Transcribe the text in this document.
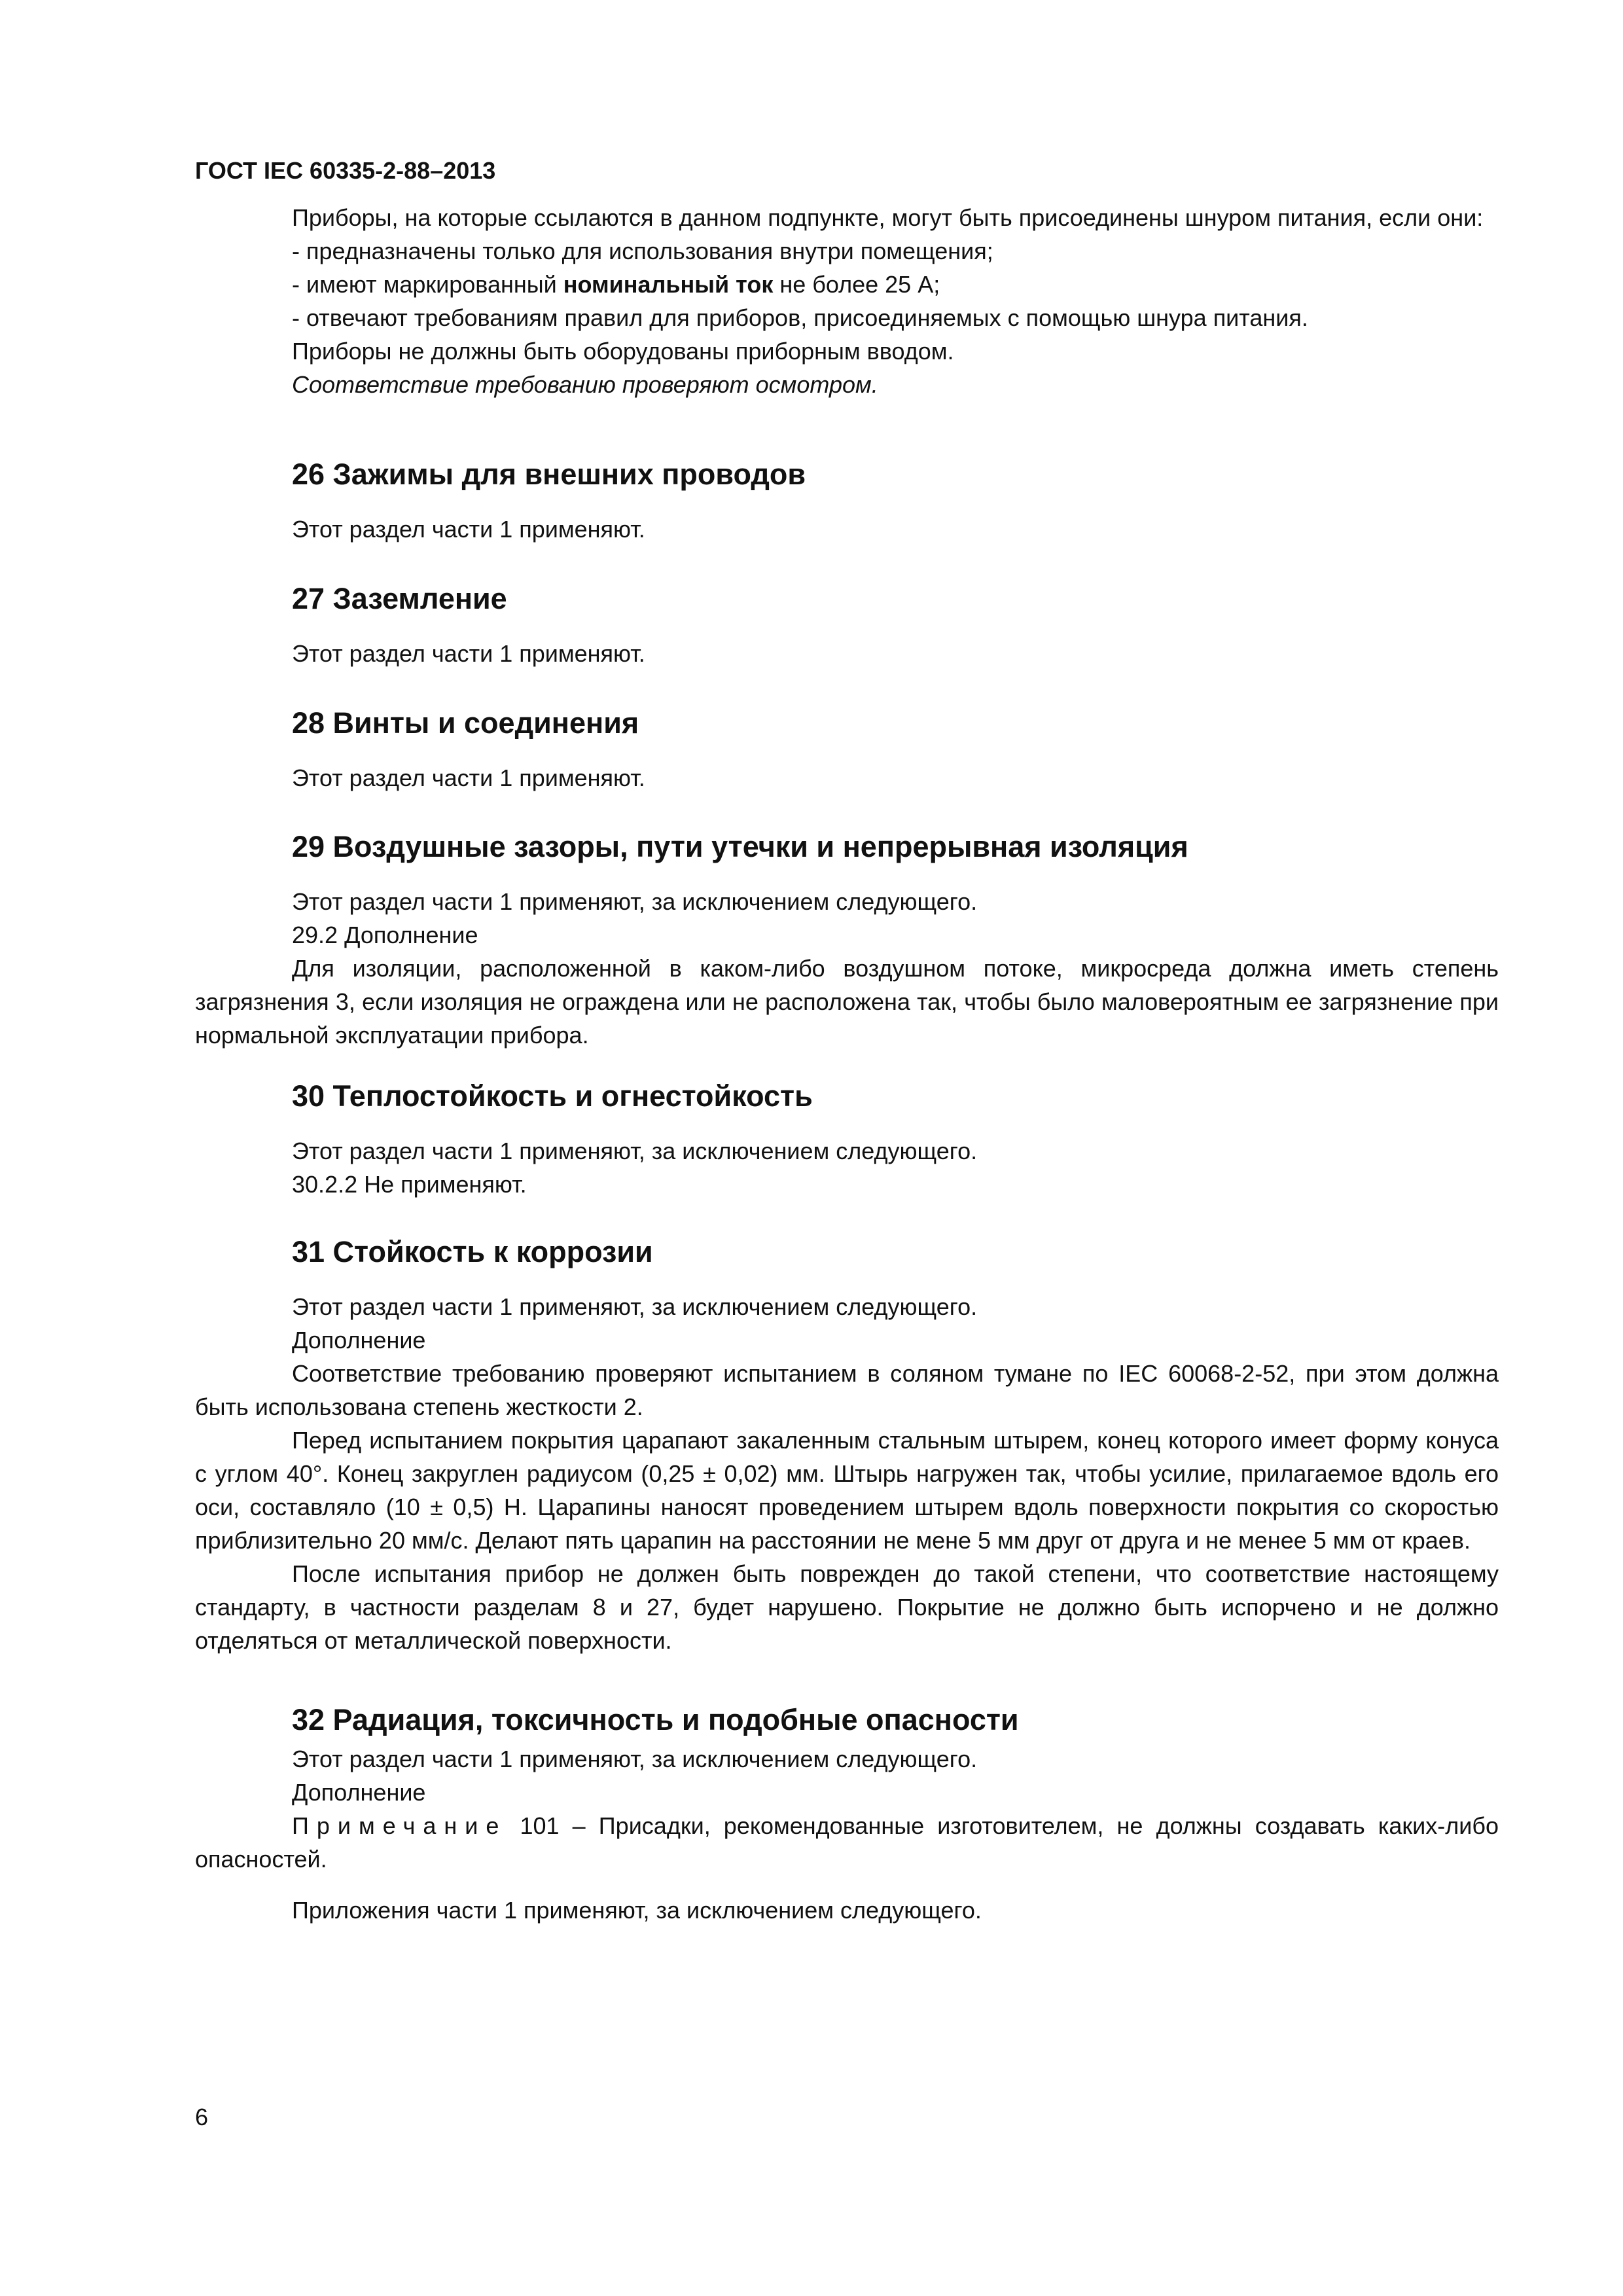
ГОСТ IEC 60335-2-88–2013

Приборы, на которые ссылаются в данном подпункте, могут быть присоединены шнуром питания, если они:

- предназначены только для использования внутри помещения;

- имеют маркированный номинальный ток не более 25 А;

- отвечают требованиям правил для приборов, присоединяемых с помощью шнура питания.

Приборы не должны быть оборудованы приборным вводом.

Соответствие требованию проверяют осмотром.

26 Зажимы для внешних проводов

Этот раздел части 1 применяют.

27 Заземление

Этот раздел части 1 применяют.

28 Винты и соединения

Этот раздел части 1 применяют.

29 Воздушные зазоры, пути утечки и непрерывная изоляция

Этот раздел части 1 применяют, за исключением следующего.

29.2 Дополнение

Для изоляции, расположенной в каком-либо воздушном потоке, микросреда должна иметь степень загрязнения 3, если изоляция не ограждена или не расположена так, чтобы было маловероятным ее загрязнение при нормальной эксплуатации прибора.

30 Теплостойкость и огнестойкость

Этот раздел части 1 применяют, за исключением следующего.

30.2.2 Не применяют.

31 Стойкость к коррозии

Этот раздел части 1 применяют, за исключением следующего.

Дополнение

Соответствие требованию проверяют испытанием в соляном тумане по IEC 60068-2-52, при этом должна быть использована степень жесткости 2.

Перед испытанием покрытия царапают закаленным стальным штырем, конец которого имеет форму конуса с углом 40°. Конец закруглен радиусом (0,25 ± 0,02) мм. Штырь нагружен так, чтобы усилие, прилагаемое вдоль его оси, составляло (10 ± 0,5) Н. Царапины наносят проведением штырем вдоль поверхности покрытия со скоростью приблизительно 20 мм/с. Делают пять царапин на расстоянии не мене 5 мм друг от друга и не менее 5 мм от краев.

После испытания прибор не должен быть поврежден до такой степени, что соответствие настоящему стандарту, в частности разделам 8 и 27, будет нарушено. Покрытие не должно быть испорчено и не должно отделяться от металлической поверхности.

32 Радиация, токсичность и подобные опасности

Этот раздел части 1 применяют, за исключением следующего.

Дополнение

Примечание 101 – Присадки, рекомендованные изготовителем, не должны создавать каких-либо опасностей.

Приложения части 1 применяют, за исключением следующего.

6
